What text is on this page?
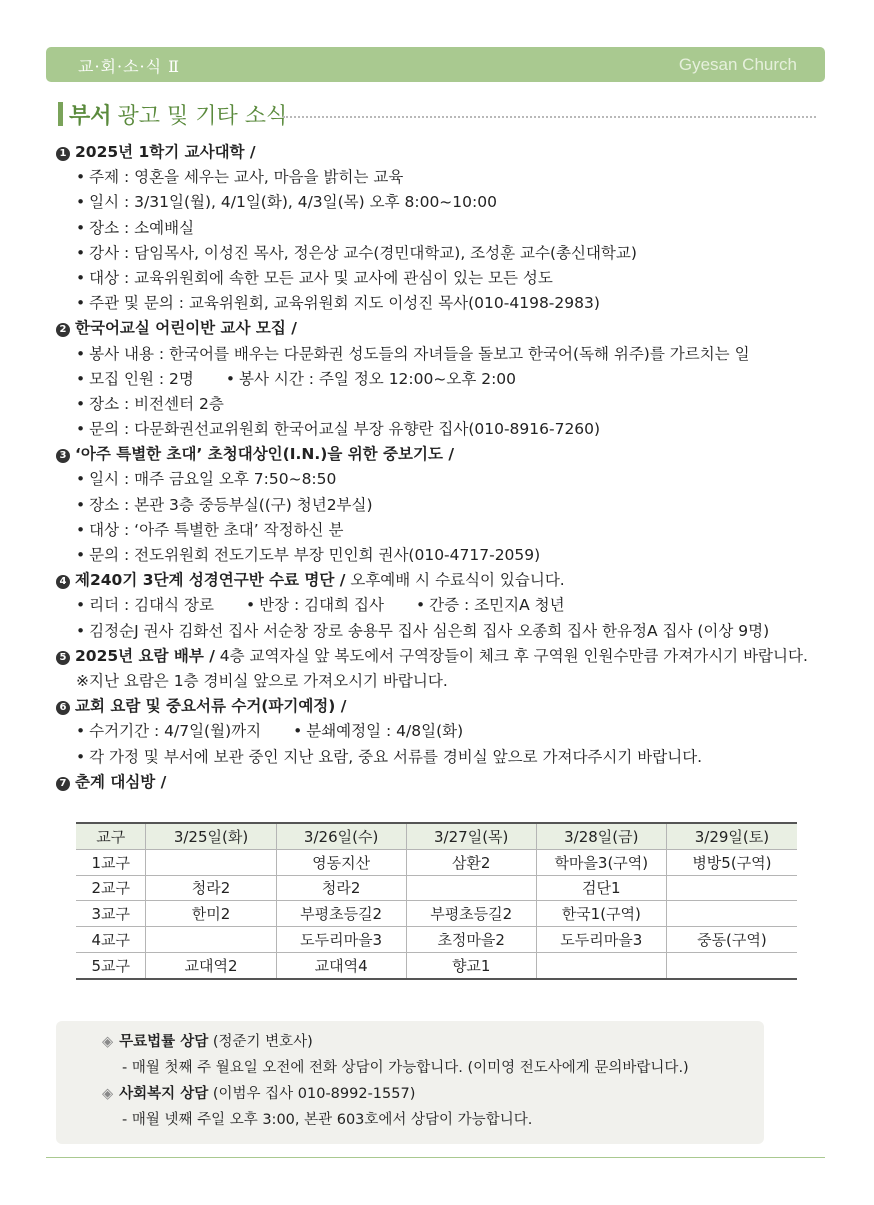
교·회·소·식 Ⅱ	Gyesan Church
부서 광고 및 기타 소식
1 2025년 1학기 교사대학 /
• 주제 : 영혼을 세우는 교사, 마음을 밝히는 교육
• 일시 : 3/31일(월), 4/1일(화), 4/3일(목) 오후 8:00~10:00
• 장소 : 소예배실
• 강사 : 담임목사, 이성진 목사, 정은상 교수(경민대학교), 조성훈 교수(총신대학교)
• 대상 : 교육위원회에 속한 모든 교사 및 교사에 관심이 있는 모든 성도
• 주관 및 문의 : 교육위원회, 교육위원회 지도 이성진 목사(010-4198-2983)
2 한국어교실 어린이반 교사 모집 /
• 봉사 내용 : 한국어를 배우는 다문화권 성도들의 자녀들을 돌보고 한국어(독해 위주)를 가르치는 일
• 모집 인원 : 2명 • 봉사 시간 : 주일 정오 12:00~오후 2:00
• 장소 : 비전센터 2층
• 문의 : 다문화권선교위원회 한국어교실 부장 유향란 집사(010-8916-7260)
3 ‘아주 특별한 초대’ 초청대상인(I.N.)을 위한 중보기도 /
• 일시 : 매주 금요일 오후 7:50~8:50
• 장소 : 본관 3층 중등부실((구) 청년2부실)
• 대상 : ‘아주 특별한 초대’ 작정하신 분
• 문의 : 전도위원회 전도기도부 부장 민인희 권사(010-4717-2059)
4 제240기 3단계 성경연구반 수료 명단 / 오후예배 시 수료식이 있습니다.
• 리더 : 김대식 장로 • 반장 : 김대희 집사 • 간증 : 조민지A 청년
• 김정순J 권사 김화선 집사 서순창 장로 송용무 집사 심은희 집사 오종희 집사 한유정A 집사 (이상 9명)
5 2025년 요람 배부 / 4층 교역자실 앞 복도에서 구역장들이 체크 후 구역원 인원수만큼 가져가시기 바랍니다.
※지난 요람은 1층 경비실 앞으로 가져오시기 바랍니다.
6 교회 요람 및 중요서류 수거(파기예정) /
• 수거기간 : 4/7일(월)까지 • 분쇄예정일 : 4/8일(화)
• 각 가정 및 부서에 보관 중인 지난 요람, 중요 서류를 경비실 앞으로 가져다주시기 바랍니다.
7 춘계 대심방 /
교구	3/25일(화)	3/26일(수)	3/27일(목)	3/28일(금)	3/29일(토)
1교구		영동지산	삼환2	학마을3(구역)	병방5(구역)
2교구	청라2	청라2		검단1	
3교구	한미2	부평초등길2	부평초등길2	한국1(구역)	
4교구		도두리마을3	초정마을2	도두리마을3	중동(구역)
5교구	교대역2	교대역4	향교1		
◈ 무료법률 상담 (정준기 변호사)
- 매월 첫째 주 월요일 오전에 전화 상담이 가능합니다. (이미영 전도사에게 문의바랍니다.)
◈ 사회복지 상담 (이범우 집사 010-8992-1557)
- 매월 넷째 주일 오후 3:00, 본관 603호에서 상담이 가능합니다.
